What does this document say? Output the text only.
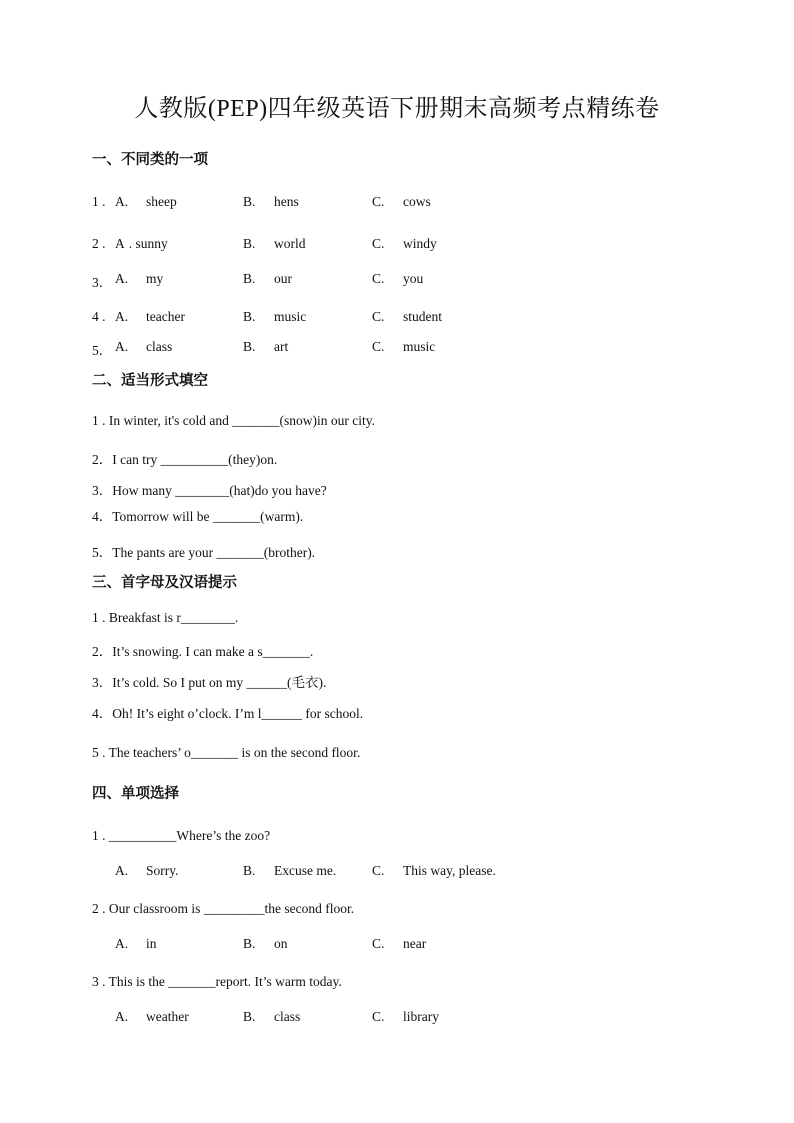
人教版(PEP)四年级英语下册期末高频考点精练卷
一、不同类的一项
1 . A. sheep	B. hens	C. cows
2 . A . sunny	B. world	C. windy
3． A. my	B. our	C. you
4 . A. teacher	B. music	C. student
5． A. class	B. art	C. music
二、适当形式填空
1 . In winter, it's cold and _______(snow)in our city.
2．I can try __________(they)on.
3．How many ________(hat)do you have?
4．Tomorrow will be _______(warm).
5．The pants are your _______(brother).
三、首字母及汉语提示
1 . Breakfast is r________.
2．It’s snowing. I can make a s_______.
3．It’s cold. So I put on my ______(毛衣).
4．Oh! It’s eight o’clock. I’m l______ for school.
5 . The teachers’ o_______ is on the second floor.
四、单项选择
1 . __________Where’s the zoo?
A. Sorry.	B. Excuse me.	C. This way, please.
2 . Our classroom is _________the second floor.
A. in	B. on	C. near
3 . This is the _______report. It’s warm today.
A. weather	B. class	C. library
